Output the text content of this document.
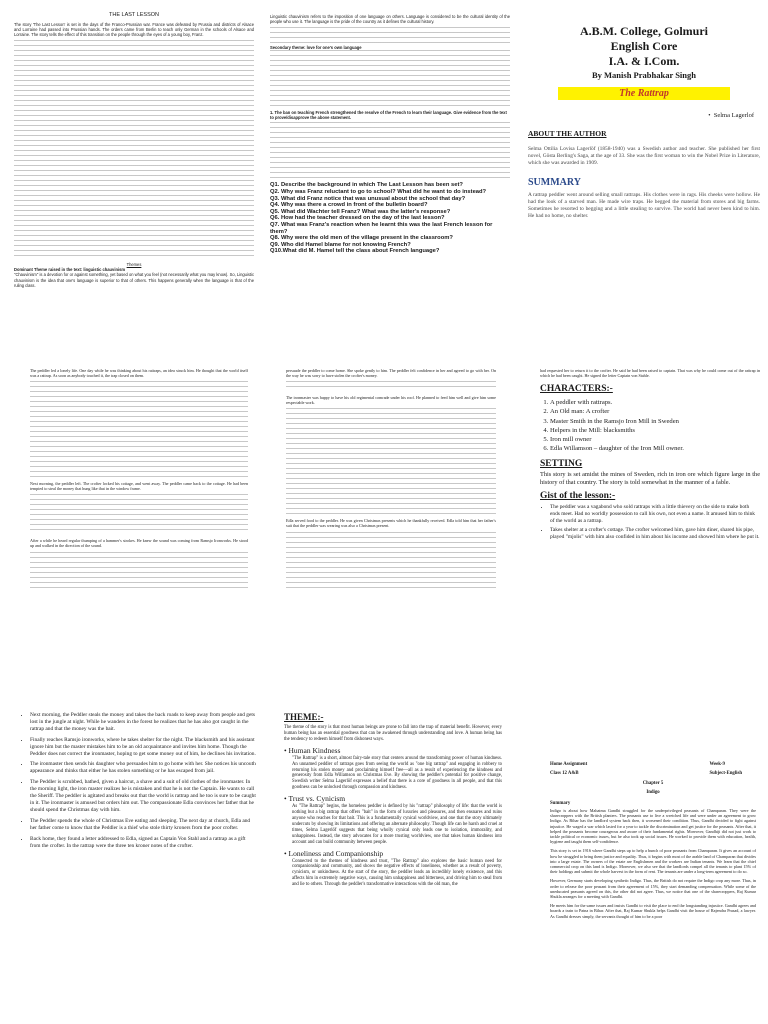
THE LAST LESSON

The story 'The Last Lesson' is set in the days of the Franco-Prussian war. France was defeated by Prussia and districts of Alsace and Lorraine had passed into Prussian hands. The orders came from Berlin to teach only German in the schools of Alsace and Lorraine. The story tells the effect of this transition on the people through the eyes of a young boy, Franz.

Themes
Dominant Theme raised in the text: linguistic chauvinism

"Chauvinism" is a devotion for or against something, yet based on what you feel (not necessarily what you may know). So, Linguistic chauvinism is the idea that one's language is superior to that of others. This happens generally when the language is that of the ruling class.

Linguistic chauvinism refers to the imposition of one language on others. Language is considered to be the cultural identity of the people who use it. The language is the pride of the country as it defines the cultural history.

Secondary theme: love for one's own language
1. The ban on teaching French strengthened the resolve of the French to learn their language. Give evidence from the text to prove/disapprove the above statement.

Q1. Describe the background in which The Last Lesson has been set?

Q2. Why was Franz reluctant to go to school? What did he want to do instead?

Q3. What did Franz notice that was unusual about the school that day?

Q4. Why was there a crowd in front of the bulletin board?

Q5. What did Wachter tell Franz? What was the latter's response?

Q6. How had the teacher dressed on the day of the last lesson?

Q7. What was Franz's reaction when he learnt this was the last French lesson for them?

Q8. Why were the old men of the village present in the classroom?

Q9. Who did Hamel blame for not knowing French?

Q10.What did M. Hamel tell the class about French language?

A.B.M. College, Golmuri
English Core
I.A. & I.Com.
By Manish Prabhakar Singh
The Rattrap
•  Selma Lagerlof
ABOUT THE AUTHOR

Selma Ottilia Lovisa Lagerlöf (1858-1940) was a Swedish author and teacher. She published her first novel, Gösta Berling's Saga, at the age of 33. She was the first woman to win the Nobel Prize in Literature, which she was awarded in 1909.

SUMMARY

A rattrap peddler went around selling small rattraps. His clothes were in rags. His cheeks were hollow. He had the look of a starved man. He made wire traps. He begged the material from stores and big farms. Sometimes he resorted to begging and a little stealing to survive. The world had never been kind to him. He had no home, no shelter.

The peddler led a lonely life. One day while he was thinking about his rattraps, an idea struck him. He thought that the world itself was a rattrap. As soon as anybody touched it, the trap closed on them.

Next morning, the peddler left. The crofter locked his cottage, and went away. The peddler came back to the cottage. He had been tempted to steal the money that hung like that in the window frame.

After a while he heard regular thumping of a hammer's strokes. He knew the sound was coming from Ramsjo Ironworks. He stood up and walked in the direction of the sound.

persuade the peddler to come home. She spoke gently to him. The peddler felt confidence in her and agreed to go with her. On the way he was sorry to have stolen the crofter's money.

The ironmaster was happy to have his old regimental comrade under his roof. He planned to feed him well and give him some respectable work.

Edla served food to the peddler. He was given Christmas presents which he thankfully received. Edla told him that her father's suit that the peddler was wearing was also a Christmas present.

had requested her to return it to the crofter. He said he had been raised to captain. That was why he could come out of the rattrap in which he had been caught. He signed the letter Captain von Stahle.

CHARACTERS:-
1. A peddler with rattraps.
2. An Old man: A crofter
3. Master Smith in the Ramsjo Iron Mill in Sweden
4. Helpers in the Mill: blacksmiths
5. Iron mill owner
6. Edla Willamson – daughter of the Iron Mill owner.
SETTING

This story is set amidst the mines of Sweden, rich in iron ore which figure large in the history of that country. The story is told somewhat in the manner of a fable.

Gist of the lesson:-
• The peddler was a vagabond who sold rattraps with a little thievery on the side to make both ends meet. Had no worldly possession to call his own, not even a name. It amused him to think of the world as a rattrap.
• Takes shelter at a crofter's cottage. The crofter welcomed him, gave him diner, shared his pipe, played "mjolis" with him also confided in him about his income and showed him where he put it.
• Next morning, the Peddler steals the money and takes the back roads to keep away from people and gets lost in the jungle at night. While he wanders in the forest he realizes that he has also got caught in the rattrap and that the money was the bait.
• Finally reaches Ramsjo ironworks, where he takes shelter for the night. The blacksmith and his assistant ignore him but the master mistakes him to be an old acquaintance and invites him home. Though the Peddler does not correct the ironmaster, hoping to get some money out of him, he declines his invitation.
• The ironmaster then sends his daughter who persuades him to go home with her. She notices his uncouth appearance and thinks that either he has stolen something or he has escaped from jail.
• The Peddler is scrubbed, bathed, given a haircut, a shave and a suit of old clothes of the ironmaster. In the morning light, the iron master realizes he is mistaken and that he is not the Captain. He wants to call the Sheriff. The peddler is agitated and breaks out that the world is rattrap and he too is sure to be caught in it. The ironmaster is amused but orders him out. The compassionate Edla convinces her father that he should spend the Christmas day with him.
• The Peddler spends the whole of Christmas Eve eating and sleeping. The next day at church, Edla and her father come to know that the Peddler is a thief who stole thirty kroners from the poor crofter.
• Back home, they found a letter addressed to Edla, signed as Captain Von Stahl and a rattrap as a gift from the crofter. In the rattrap were the three ten kroner notes of the crofter.
THEME:-

The theme of the story is that most human beings are prone to fall into the trap of material benefit. However, every human being has an essential goodness that can be awakened through understanding and love. A human being has the tendency to redeem himself from dishonest ways.

• Human Kindness

"The Rattrap" is a short, almost fairy-tale story that centers around the transforming power of human kindness. An unnamed peddler of rattraps goes from seeing the world as "one big rattrap" and engaging in robbery to returning his stolen money and proclaiming himself free—all as a result of experiencing the kindness and generosity from Edla Willamson on Christmas Eve. By showing the peddler's potential for positive change, Swedish writer Selma Lagerlöf expresses a belief that there is a core of goodness in all people, and that this goodness can be unlocked through compassion and kindness.

• Trust vs. Cynicism

As "The Rattrap" begins, the homeless peddler is defined by his "rattrap" philosophy of life: that the world is nothing but a big rattrap that offers "bait" in the form of luxuries and pleasures, and then ensnares and ruins anyone who reaches for that bait. This is a fundamentally cynical worldview, and one that the story ultimately undercuts by showing its limitations and offering an alternate philosophy. Though life can be harsh and cruel at times, Selma Lagerlöf suggests that being wholly cynical only leads one to isolation, immorality, and unhappiness. Instead, the story advocates for a more trusting worldview, one that takes human kindness into account and can build community between people.

• Loneliness and Companionship

Connected to the themes of kindness and trust, "The Rattrap" also explores the basic human need for companionship and community, and shows the negative effects of loneliness, whether as a result of poverty, cynicism, or unkindness. At the start of the story, the peddler leads an incredibly lonely existence, and this affects him in extremely negative ways, causing him unhappiness and bitterness, and driving him to steal from and lie to others. Through the peddler's transformative interactions with the old man, the

Home Assignment
Class 12 A&B
Week-9
Subject-English
Chapter 5
Indigo
Summary

Indigo is about how Mahatma Gandhi struggled for the underprivileged peasants of Champaran. They were the sharecroppers with the British planters. The peasants use to live a wretched life and were under an agreement to grow Indigo. As Bihar has the landlord system back then, it worsened their condition. Thus, Gandhi decided to fight against injustice. He waged a war which lasted for a year to tackle the discrimination and get justice for the peasants. After that, it helped the peasants become courageous and aware of their fundamental rights. Moreover, Gandhiji did not just work to tackle political or economic issues, but he also took up social issues. He worked to provide them with education, health, hygiene and taught them self-confidence.

This story is set in 1916 where Gandhi steps up to help a bunch of poor peasants from Champaran. It gives an account of how he struggled to bring them justice and equality. Thus, it begins with most of the arable land of Champaran that divides into a large estate. The owners of the estate are Englishmen and the workers are Indian tenants. We learn that the chief commercial crop on this land is Indigo. Moreover, we also see that the landlords compel all the tenants to plant 15% of their holdings and submit the whole harvest in the form of rent. The tenants are under a long-term agreement to do so.

However, Germany starts developing synthetic Indigo. Thus, the British do not require the Indigo crop any more. Thus, in order to release the poor peasant from their agreement of 15%, they start demanding compensation. While some of the uneducated peasants agreed on this, the other did not agree. Thus, we notice that one of the sharecroppers, Raj Kumar Shukla arranges for a meeting with Gandhi.

He meets him for the same issues and insists Gandhi to visit the place to end the longstanding injustice. Gandhi agrees and boards a train to Patna in Bihar. After that, Raj Kumar Shukla helps Gandhi visit the house of Rajendra Prasad, a lawyer. As Gandhi dresses simply, the servants thought of him to be a poor
